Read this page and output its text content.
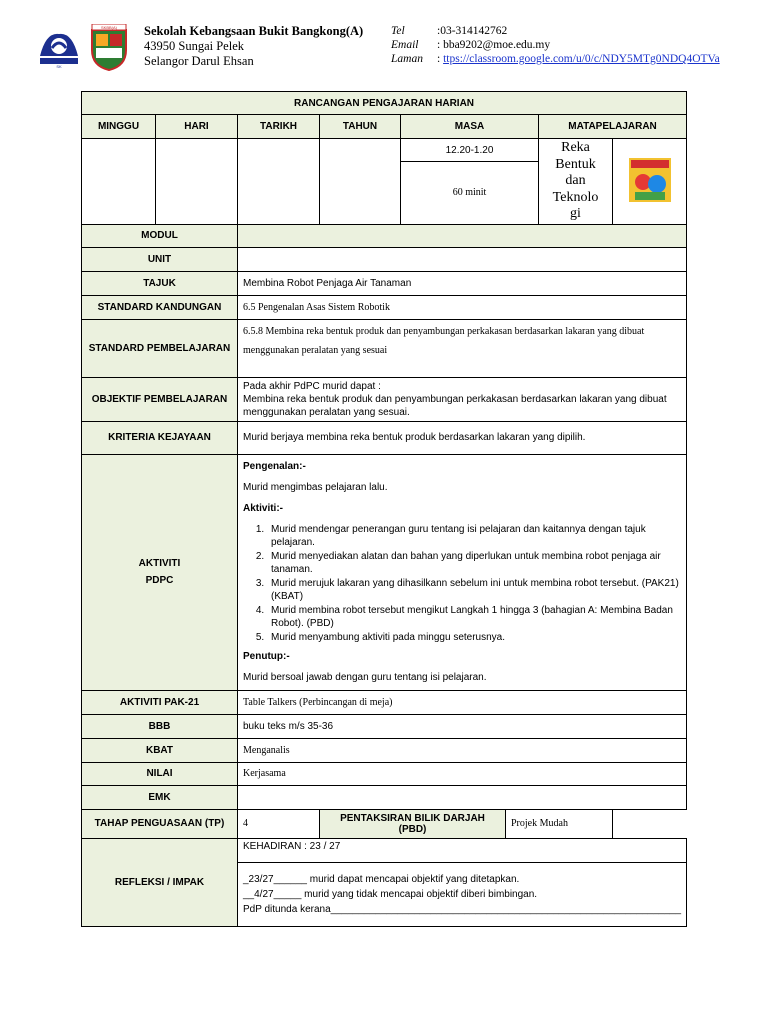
SK
SKBB(A) Sekolah Kebangsaan Bukit Bangkong(A)
43950 Sungai Pelek
Selangor Darul Ehsan
Tel	:03-314142762
Email	: bba9202@moe.edu.my
Laman	: ttps://classroom.google.com/u/0/c/NDY5MTg0NDQ4OTVa
RANCANGAN PENGAJARAN HARIAN
MINGGU	HARI	TARIKH	TAHUN	MASA	MATAPELAJARAN
				12.20-1.20	Reka
Bentuk
dan
Teknolo
gi

60 minit
MODUL	
UNIT	
TAJUK	Membina Robot Penjaga Air Tanaman
STANDARD KANDUNGAN	6.5 Pengenalan Asas Sistem Robotik
STANDARD PEMBELAJARAN	6.5.8 Membina reka bentuk produk dan penyambungan perkakasan berdasarkan lakaran yang dibuat menggunakan peralatan yang sesuai
OBJEKTIF PEMBELAJARAN	
Pada akhir PdPC murid dapat :
Membina reka bentuk produk dan penyambungan perkakasan berdasarkan lakaran yang dibuat menggunakan peralatan yang sesuai.

KRITERIA KEJAYAAN	Murid berjaya membina reka bentuk produk berdasarkan lakaran yang dipilih.

AKTIVITI
PDPC

Pengenalan:-

Murid mengimbas pelajaran lalu.

Aktiviti:-

1. Murid mendengar penerangan guru tentang isi pelajaran dan kaitannya dengan tajuk pelajaran.
2. Murid menyediakan alatan dan bahan yang diperlukan untuk membina robot penjaga air tanaman.
3. Murid merujuk lakaran yang dihasilkann sebelum ini untuk membina robot tersebut. (PAK21) (KBAT)
4. Murid membina robot tersebut mengikut Langkah 1 hingga 3 (bahagian A: Membina Badan Robot). (PBD)
5. Murid menyambung aktiviti pada minggu seterusnya.

Penutup:-

Murid bersoal jawab dengan guru tentang isi pelajaran.

AKTIVITI PAK-21	Table Talkers (Perbincangan di meja)
BBB	buku teks m/s 35-36
KBAT	Menganalis
NILAI	Kerjasama
EMK	
TAHAP PENGUASAAN (TP)	4		PENTAKSIRAN BILIK DARJAH (PBD)	Projek Mudah

REFLEKSI / IMPAK	KEHADIRAN : 23 / 27

_23/27______ murid dapat mencapai objektif yang ditetapkan.
__4/27_____ murid yang tidak mencapai objektif diberi bimbingan.
PdP ditunda kerana_______________________________________________________________
